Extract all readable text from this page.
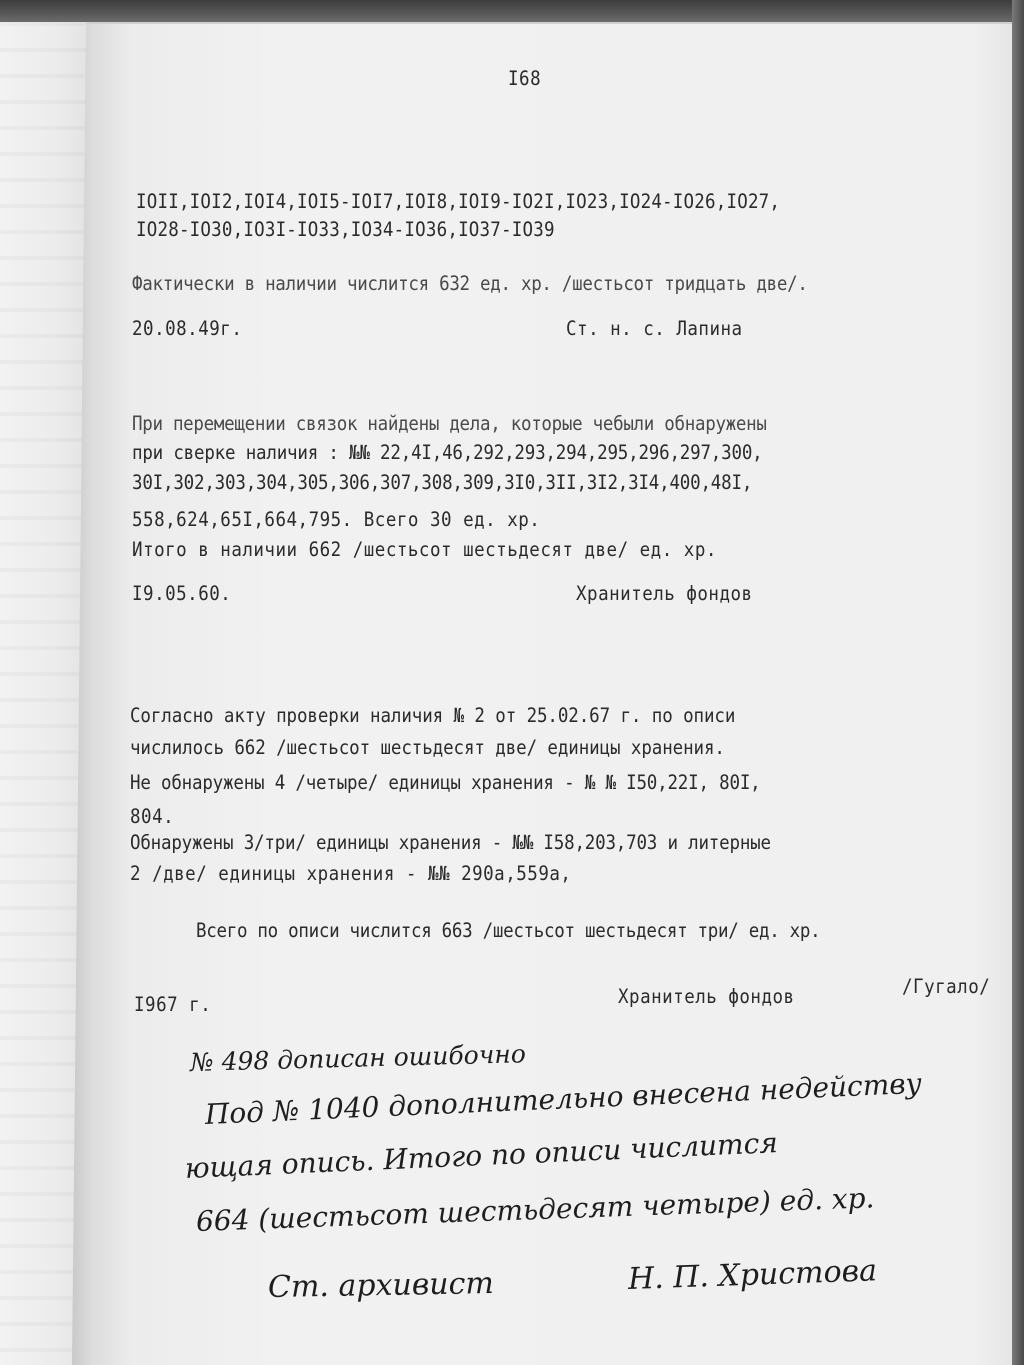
I68
IOII,IOI2,IOI4,IOI5-IOI7,IOI8,IOI9-IO2I,IO23,IO24-IO26,IO27,
IO28-IO30,IO3I-IO33,IO34-IO36,IO37-IO39
Фактически в наличии числится 632 ед. хр. /шестьсот тридцать две/.
20.08.49г.	Ст. н. с. Лапина
При перемещении связок найдены дела, которые чебыли обнаружены
при сверке наличия : №№ 22,4I,46,292,293,294,295,296,297,300,
30I,302,303,304,305,306,307,308,309,3I0,3II,3I2,3I4,400,48I,
558,624,65I,664,795. Всего 30 ед. хр.
Итого в наличии 662 /шестьсот шестьдесят две/ ед. хр.
I9.05.60.	Хранитель фондов
Согласно акту проверки наличия № 2 от 25.02.67 г. по описи
числилось 662 /шестьсот шестьдесят две/ единицы хранения.
Не обнаружены 4 /четыре/ единицы хранения - № № I50,22I, 80I,
804.
Обнаружены 3/три/ единицы хранения - №№ I58,203,703 и литерные
2 /две/ единицы хранения - №№ 290а,559а,
Всего по описи числится 663 /шестьсот шестьдесят три/ ед. хр.
I967 г.	Хранитель фондов	/Гугало/
№ 498 дописан ошибочно
Под № 1040 дополнительно внесена недейству
ющая опись. Итого по описи числится
664 (шестьсот шестьдесят четыре) ед. хр.
Ст. архивист	Н. П. Христова
